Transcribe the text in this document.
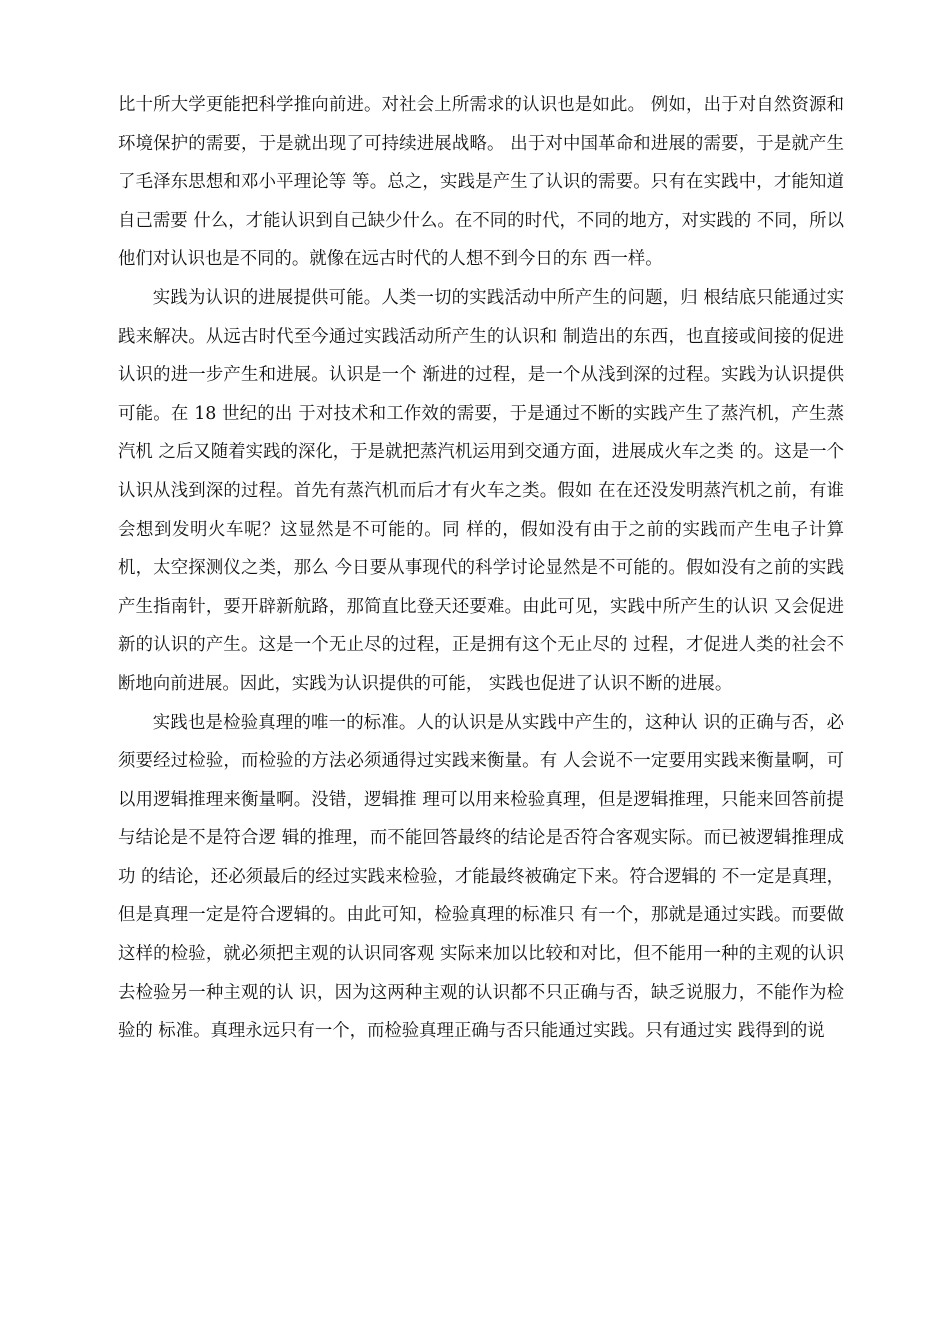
比十所大学更能把科学推向前进。对社会上所需求的认识也是如此。 例如，出于对自然资源和环境保护的需要，于是就出现了可持续进展战略。 出于对中国革命和进展的需要，于是就产生了毛泽东思想和邓小平理论等 等。总之，实践是产生了认识的需要。只有在实践中，才能知道自己需要 什么，才能认识到自己缺少什么。在不同的时代，不同的地方，对实践的 不同，所以他们对认识也是不同的。就像在远古时代的人想不到今日的东 西一样。

实践为认识的进展提供可能。人类一切的实践活动中所产生的问题，归 根结底只能通过实践来解决。从远古时代至今通过实践活动所产生的认识和 制造出的东西，也直接或间接的促进认识的进一步产生和进展。认识是一个 渐进的过程，是一个从浅到深的过程。实践为认识提供可能。在 18 世纪的出 于对技术和工作效的需要，于是通过不断的实践产生了蒸汽机，产生蒸汽机 之后又随着实践的深化，于是就把蒸汽机运用到交通方面，进展成火车之类 的。这是一个认识从浅到深的过程。首先有蒸汽机而后才有火车之类。假如 在在还没发明蒸汽机之前，有谁会想到发明火车呢？这显然是不可能的。同 样的，假如没有由于之前的实践而产生电子计算机，太空探测仪之类，那么 今日要从事现代的科学讨论显然是不可能的。假如没有之前的实践产生指南针，要开辟新航路，那简直比登天还要难。由此可见，实践中所产生的认识 又会促进新的认识的产生。这是一个无止尽的过程，正是拥有这个无止尽的 过程，才促进人类的社会不断地向前进展。因此，实践为认识提供的可能， 实践也促进了认识不断的进展。

实践也是检验真理的唯一的标准。人的认识是从实践中产生的，这种认 识的正确与否，必须要经过检验，而检验的方法必须通得过实践来衡量。有 人会说不一定要用实践来衡量啊，可以用逻辑推理来衡量啊。没错，逻辑推 理可以用来检验真理，但是逻辑推理，只能来回答前提与结论是不是符合逻 辑的推理，而不能回答最终的结论是否符合客观实际。而已被逻辑推理成功 的结论，还必须最后的经过实践来检验，才能最终被确定下来。符合逻辑的 不一定是真理，但是真理一定是符合逻辑的。由此可知，检验真理的标准只 有一个，那就是通过实践。而要做这样的检验，就必须把主观的认识同客观 实际来加以比较和对比，但不能用一种的主观的认识去检验另一种主观的认 识，因为这两种主观的认识都不只正确与否，缺乏说服力，不能作为检验的 标准。真理永远只有一个，而检验真理正确与否只能通过实践。只有通过实 践得到的说
